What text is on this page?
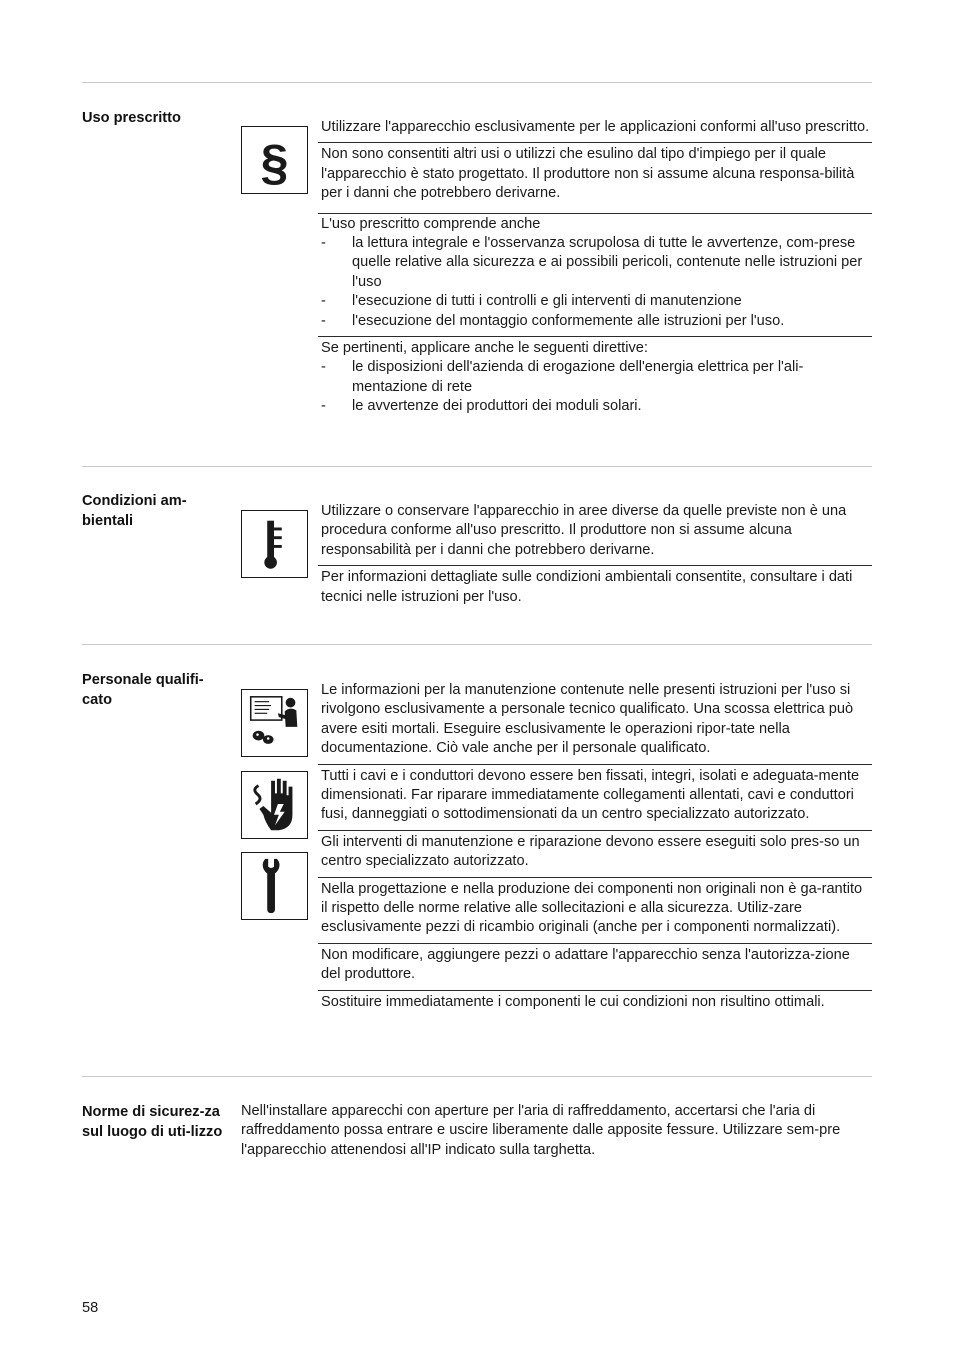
Uso prescritto
§

Utilizzare l'apparecchio esclusivamente per le applicazioni conformi all'uso prescritto.

Non sono consentiti altri usi o utilizzi che esulino dal tipo d'impiego per il quale l'apparecchio è stato progettato. Il produttore non si assume alcuna responsa-bilità per i danni che potrebbero derivarne.

L'uso prescritto comprende anche

-	la lettura integrale e l'osservanza scrupolosa di tutte le avvertenze, com-prese quelle relative alla sicurezza e ai possibili pericoli, contenute nelle istruzioni per l'uso
-	l'esecuzione di tutti i controlli e gli interventi di manutenzione
-	l'esecuzione del montaggio conformemente alle istruzioni per l'uso.

Se pertinenti, applicare anche le seguenti direttive:

-	le disposizioni dell'azienda di erogazione dell'energia elettrica per l'ali-mentazione di rete
-	le avvertenze dei produttori dei moduli solari.
Condizioni am-bientali

Utilizzare o conservare l'apparecchio in aree diverse da quelle previste non è una procedura conforme all'uso prescritto. Il produttore non si assume alcuna responsabilità per i danni che potrebbero derivarne.

Per informazioni dettagliate sulle condizioni ambientali consentite, consultare i dati tecnici nelle istruzioni per l'uso.

Personale qualifi-cato

Le informazioni per la manutenzione contenute nelle presenti istruzioni per l'uso si rivolgono esclusivamente a personale tecnico qualificato. Una scossa elettrica può avere esiti mortali. Eseguire esclusivamente le operazioni ripor-tate nella documentazione. Ciò vale anche per il personale qualificato.

Tutti i cavi e i conduttori devono essere ben fissati, integri, isolati e adeguata-mente dimensionati. Far riparare immediatamente collegamenti allentati, cavi e conduttori fusi, danneggiati o sottodimensionati da un centro specializzato autorizzato.

Gli interventi di manutenzione e riparazione devono essere eseguiti solo pres-so un centro specializzato autorizzato.

Nella progettazione e nella produzione dei componenti non originali non è ga-rantito il rispetto delle norme relative alle sollecitazioni e alla sicurezza. Utiliz-zare esclusivamente pezzi di ricambio originali (anche per i componenti normalizzati).

Non modificare, aggiungere pezzi o adattare l'apparecchio senza l'autorizza-zione del produttore.

Sostituire immediatamente i componenti le cui condizioni non risultino ottimali.

Norme di sicurez-za sul luogo di uti-lizzo

Nell'installare apparecchi con aperture per l'aria di raffreddamento, accertarsi che l'aria di raffreddamento possa entrare e uscire liberamente dalle apposite fessure. Utilizzare sem-pre l'apparecchio attenendosi all'IP indicato sulla targhetta.

58
